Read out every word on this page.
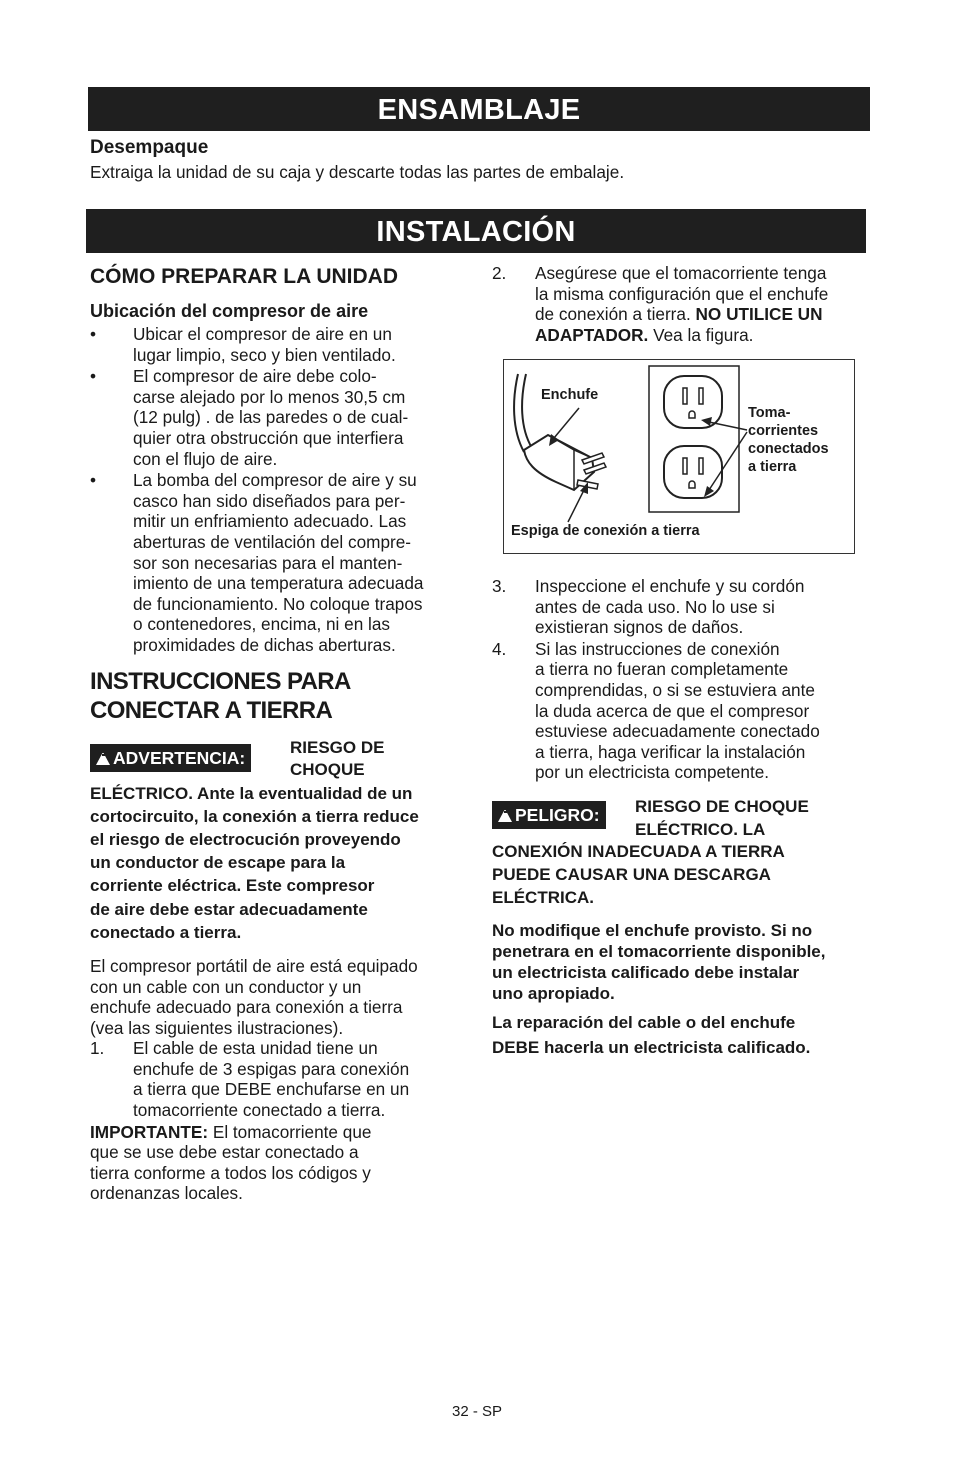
ENSAMBLAJE
Desempaque
Extraiga la unidad de su caja y descarte todas las partes de embalaje.
INSTALACIÓN
CÓMO PREPARAR LA UNIDAD
Ubicación del compresor de aire
• Ubicar el compresor de aire en un
lugar limpio, seco y bien ventilado.
• El compresor de aire debe colo-
carse alejado por lo menos 30,5 cm
(12 pulg) . de las paredes o de cual-
quier otra obstrucción que interfiera
con el flujo de aire.
• La bomba del compresor de aire y su
casco han sido diseñados para per-
mitir un enfriamiento adecuado. Las
aberturas de ventilación del compre-
sor son necesarias para el manten-
imiento de una temperatura adecuada
de funcionamiento. No coloque trapos
o contenedores, encima, ni en las
proximidades de dichas aberturas.
INSTRUCCIONES PARA
CONECTAR A TIERRA
ADVERTENCIA:
RIESGO DE
CHOQUE
ELÉCTRICO. Ante la eventualidad de un
cortocircuito, la conexión a tierra reduce
el riesgo de electrocución proveyendo
un conductor de escape para la
corriente eléctrica. Este compresor
de aire debe estar adecuadamente
conectado a tierra.
El compresor portátil de aire está equipado
con un cable con un conductor y un
enchufe adecuado para conexión a tierra
(vea las siguientes ilustraciones).
1. El cable de esta unidad tiene un
enchufe de 3 espigas para conexión
a tierra que DEBE enchufarse en un
tomacorriente conectado a tierra.
IMPORTANTE: El tomacorriente que
que se use debe estar conectado a
tierra conforme a todos los códigos y
ordenanzas locales.
2. Asegúrese que el tomacorriente tenga
la misma configuración que el enchufe
de conexión a tierra. NO UTILICE UN
ADAPTADOR. Vea la figura.
Enchufe
Toma-
corrientes
conectados
a tierra
Espiga de conexión a tierra
3. Inspeccione el enchufe y su cordón
antes de cada uso. No lo use si
existieran signos de daños.
4. Si las instrucciones de conexión
a tierra no fueran completamente
comprendidas, o si se estuviera ante
la duda acerca de que el compresor
estuviese adecuadamente conectado
a tierra, haga verificar la instalación
por un electricista competente.
PELIGRO:	RIESGO DE CHOQUE
ELÉCTRICO. LA
CONEXIÓN INADECUADA A TIERRA
PUEDE CAUSAR UNA DESCARGA
ELÉCTRICA.
No modifique el enchufe provisto. Si no
penetrara en el tomacorriente disponible,
un electricista calificado debe instalar
uno apropiado.
La reparación del cable o del enchufe
DEBE hacerla un electricista calificado.
32 - SP
